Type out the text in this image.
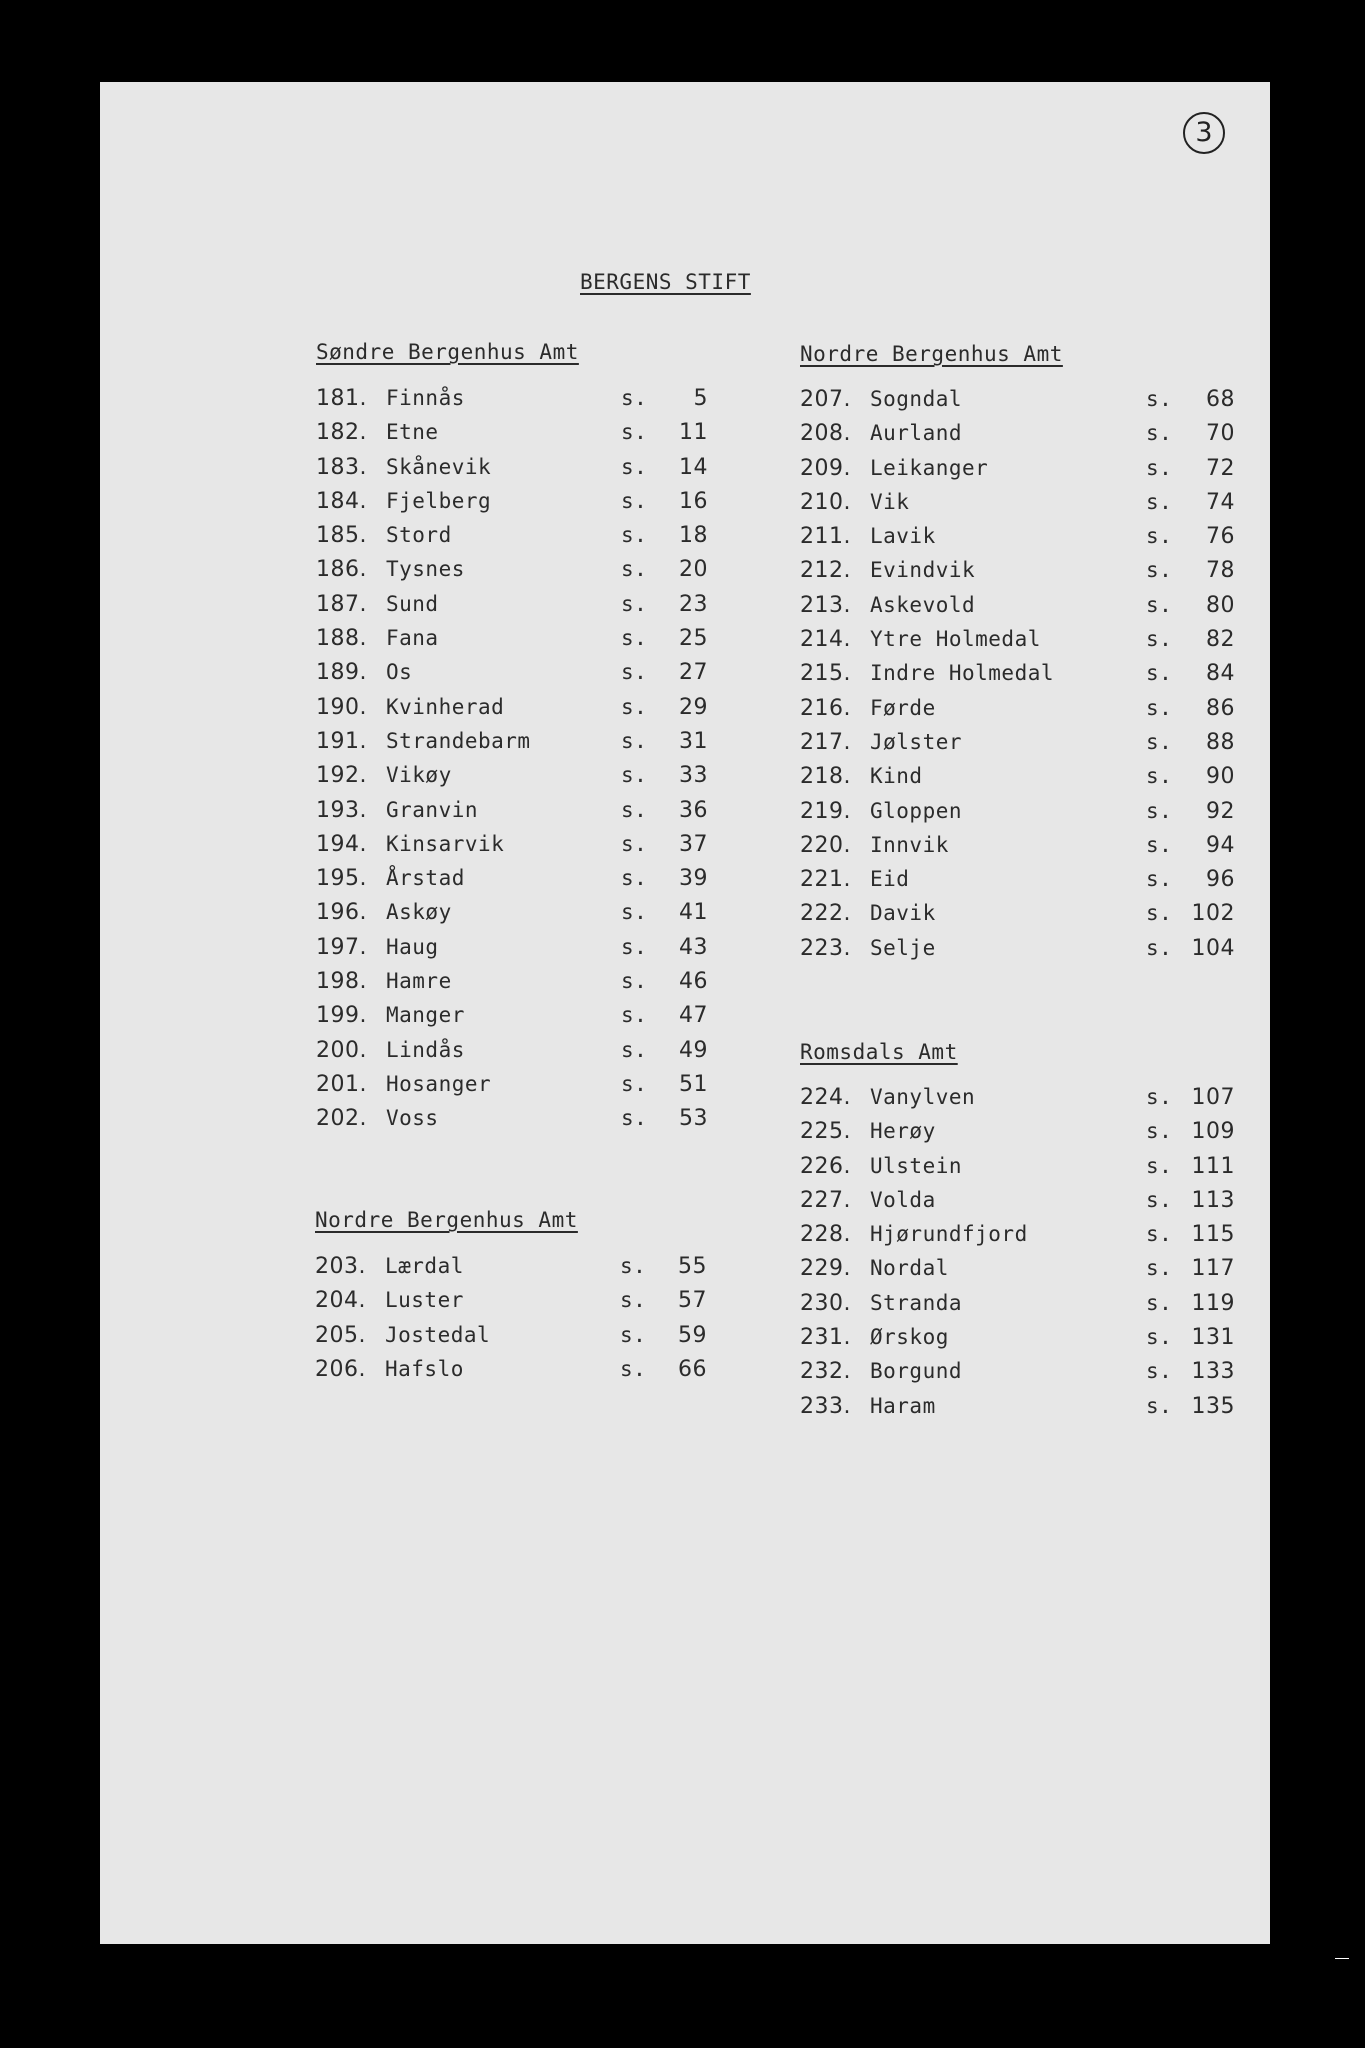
3
BERGENS STIFT
Søndre Bergenhus Amt
181. Finnås	s.	5
182. Etne	s.	11
183. Skånevik	s.	14
184. Fjelberg	s.	16
185. Stord	s.	18
186. Tysnes	s.	20
187. Sund	s.	23
188. Fana	s.	25
189. Os	s.	27
190. Kvinherad	s.	29
191. Strandebarm	s.	31
192. Vikøy	s.	33
193. Granvin	s.	36
194. Kinsarvik	s.	37
195. Årstad	s.	39
196. Askøy	s.	41
197. Haug	s.	43
198. Hamre	s.	46
199. Manger	s.	47
200. Lindås	s.	49
201. Hosanger	s.	51
202. Voss	s.	53
Nordre Bergenhus Amt
203. Lærdal	s.	55
204. Luster	s.	57
205. Jostedal	s.	59
206. Hafslo	s.	66
Nordre Bergenhus Amt
207. Sogndal	s.	68
208. Aurland	s.	70
209. Leikanger	s.	72
210. Vik	s.	74
211. Lavik	s.	76
212. Evindvik	s.	78
213. Askevold	s.	80
214. Ytre Holmedal	s.	82
215. Indre Holmedal	s.	84
216. Førde	s.	86
217. Jølster	s.	88
218. Kind	s.	90
219. Gloppen	s.	92
220. Innvik	s.	94
221. Eid	s.	96
222. Davik	s. 102
223. Selje	s. 104
Romsdals Amt
224. Vanylven	s. 107
225. Herøy	s. 109
226. Ulstein	s. 111
227. Volda	s. 113
228. Hjørundfjord	s. 115
229. Nordal	s. 117
230. Stranda	s. 119
231. Ørskog	s. 131
232. Borgund	s. 133
233. Haram	s. 135
